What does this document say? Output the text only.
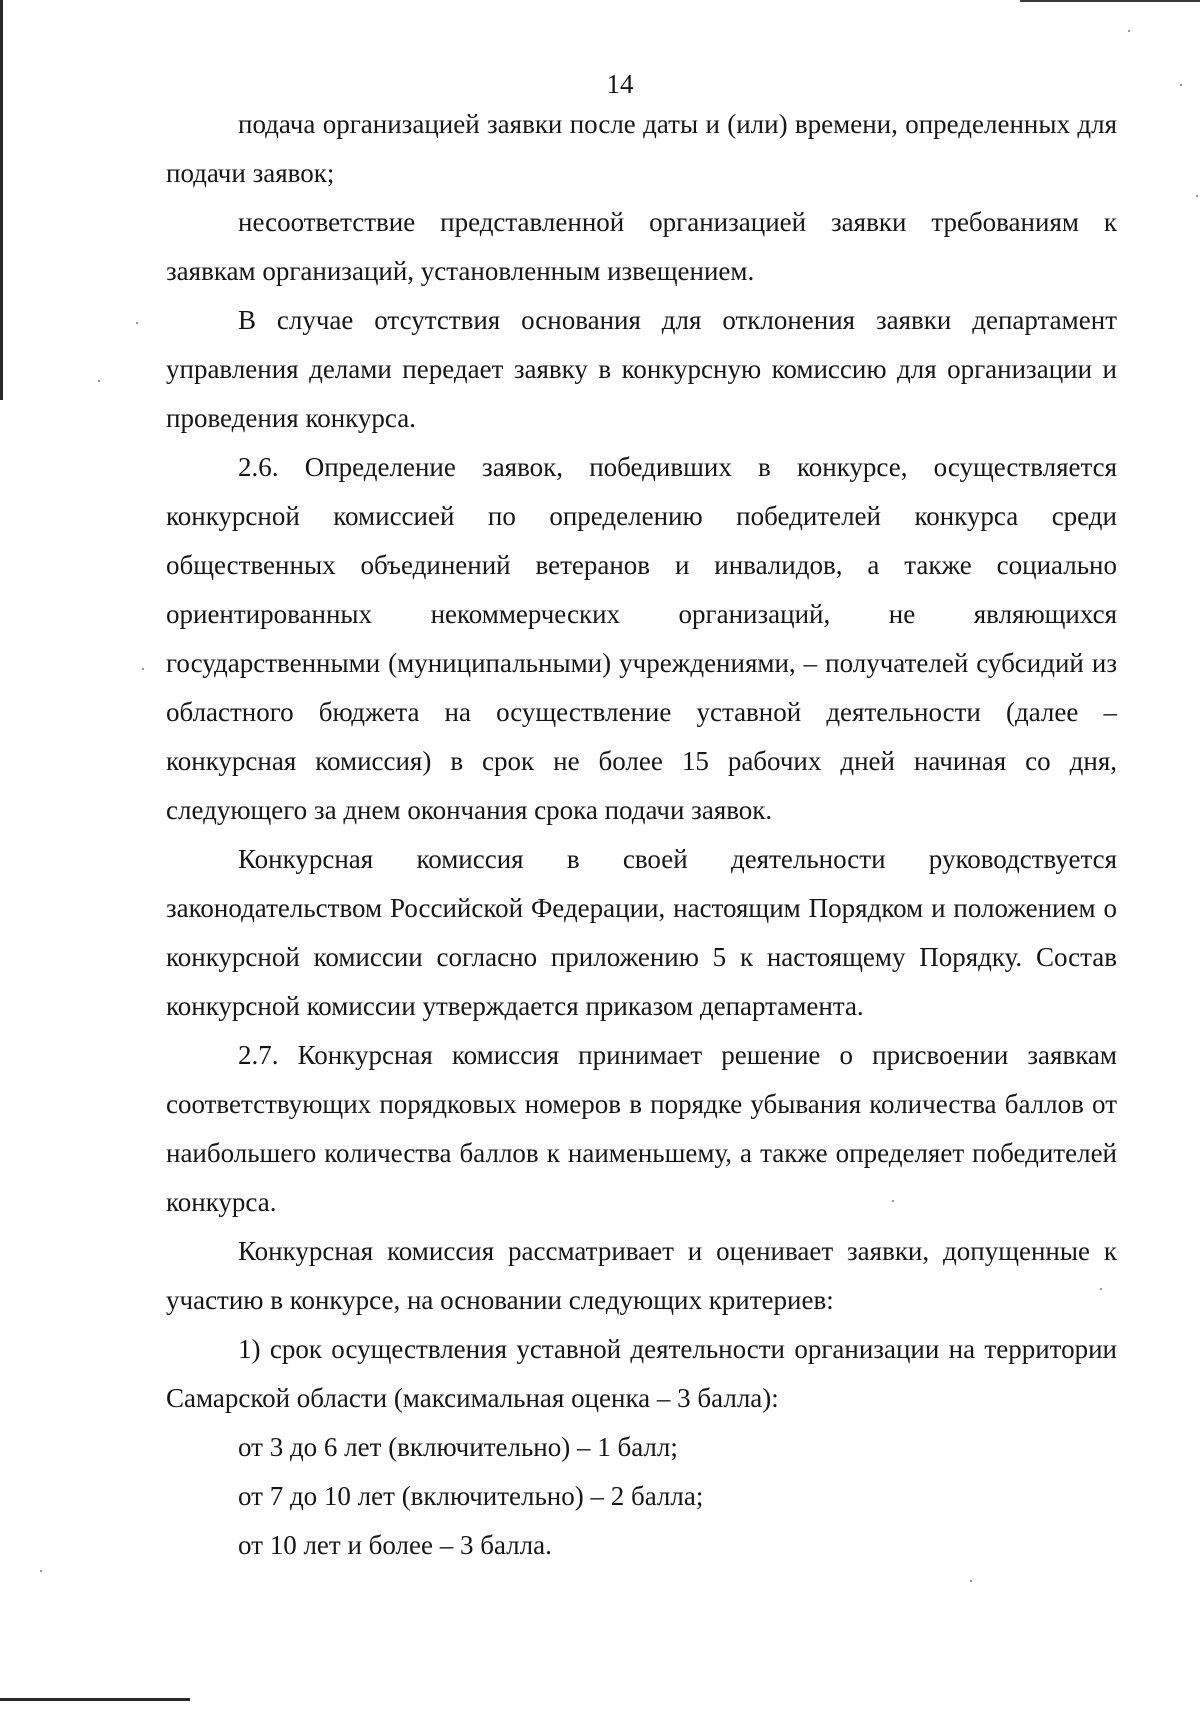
14

подача организацией заявки после даты и (или) времени, определенных для подачи заявок;

несоответствие представленной организацией заявки требованиям к заявкам организаций, установленным извещением.

В случае отсутствия основания для отклонения заявки департамент управления делами передает заявку в конкурсную комиссию для организации и проведения конкурса.

2.6. Определение заявок, победивших в конкурсе, осуществляется конкурсной комиссией по определению победителей конкурса среди общественных объединений ветеранов и инвалидов, а также социально ориентированных некоммерческих организаций, не являющихся государственными (муниципальными) учреждениями, – получателей субсидий из областного бюджета на осуществление уставной деятельности (далее – конкурсная комиссия) в срок не более 15 рабочих дней начиная со дня, следующего за днем окончания срока подачи заявок.

Конкурсная комиссия в своей деятельности руководствуется законодательством Российской Федерации, настоящим Порядком и положением о конкурсной комиссии согласно приложению 5 к настоящему Порядку. Состав конкурсной комиссии утверждается приказом департамента.

2.7. Конкурсная комиссия принимает решение о присвоении заявкам соответствующих порядковых номеров в порядке убывания количества баллов от наибольшего количества баллов к наименьшему, а также определяет победителей конкурса.

Конкурсная комиссия рассматривает и оценивает заявки, допущенные к участию в конкурсе, на основании следующих критериев:

1) срок осуществления уставной деятельности организации на территории Самарской области (максимальная оценка – 3 балла):

от 3 до 6 лет (включительно) – 1 балл;

от 7 до 10 лет (включительно) – 2 балла;

от 10 лет и более – 3 балла.
